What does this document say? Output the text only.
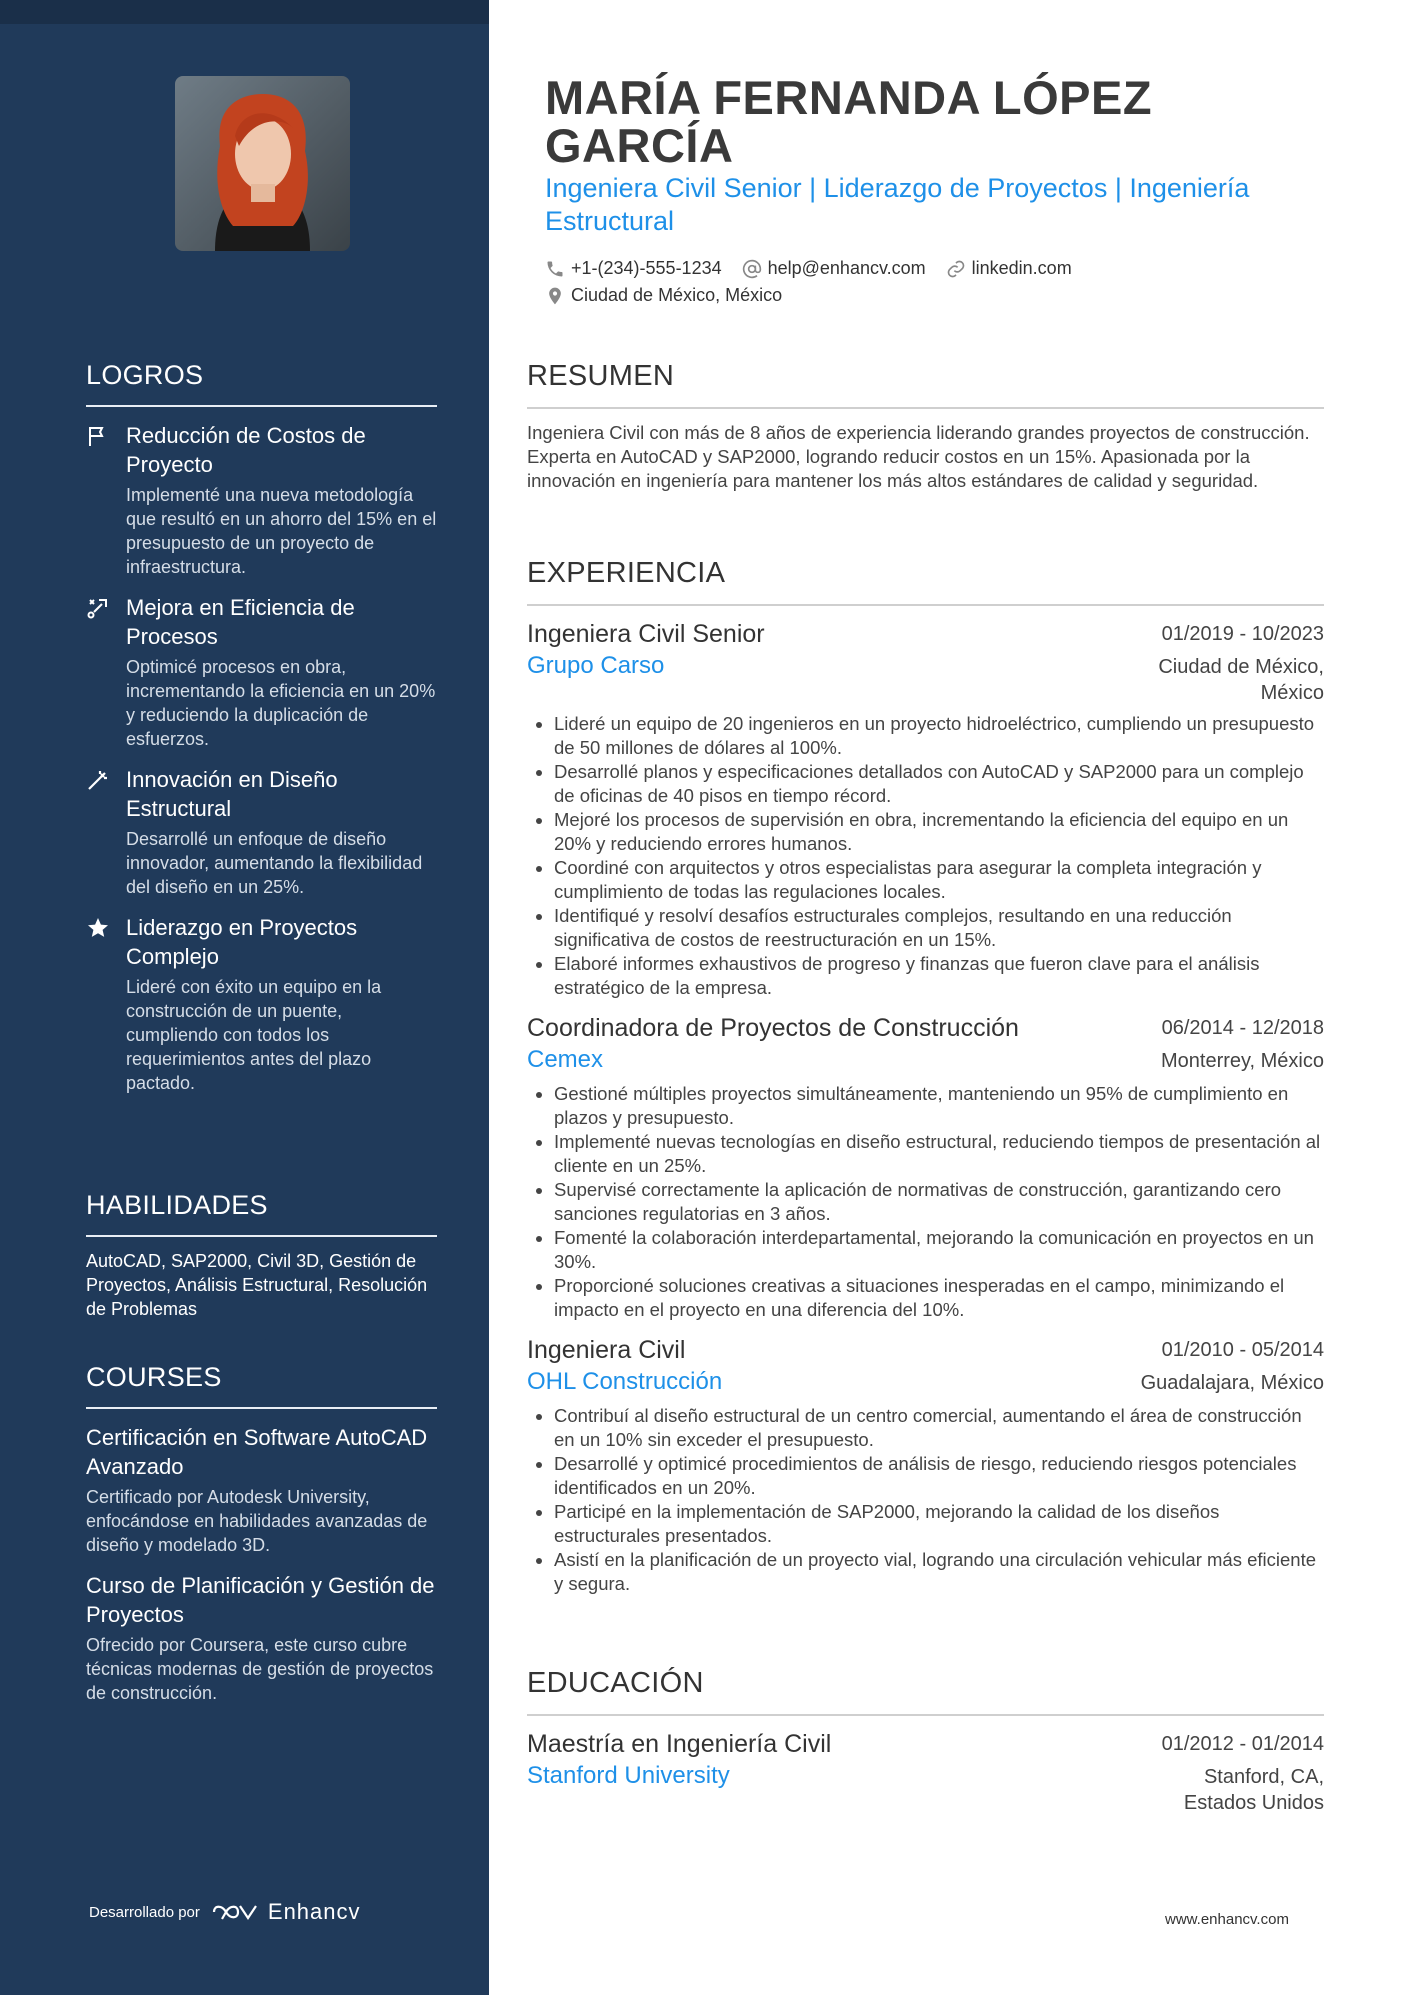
LOGROS
Reducción de Costos de Proyecto
Implementé una nueva metodología que resultó en un ahorro del 15% en el presupuesto de un proyecto de infraestructura.
Mejora en Eficiencia de Procesos
Optimicé procesos en obra, incrementando la eficiencia en un 20% y reduciendo la duplicación de esfuerzos.
Innovación en Diseño Estructural
Desarrollé un enfoque de diseño innovador, aumentando la flexibilidad del diseño en un 25%.
Liderazgo en Proyectos Complejo
Lideré con éxito un equipo en la construcción de un puente, cumpliendo con todos los requerimientos antes del plazo pactado.
HABILIDADES
AutoCAD, SAP2000, Civil 3D, Gestión de Proyectos, Análisis Estructural, Resolución de Problemas
COURSES
Certificación en Software AutoCAD Avanzado
Certificado por Autodesk University, enfocándose en habilidades avanzadas de diseño y modelado 3D.
Curso de Planificación y Gestión de Proyectos
Ofrecido por Coursera, este curso cubre técnicas modernas de gestión de proyectos de construcción.
Desarrollado por	Enhancv
MARÍA FERNANDA LÓPEZ GARCÍA
Ingeniera Civil Senior | Liderazgo de Proyectos | Ingeniería Estructural
+1-(234)-555-1234	help@enhancv.com	linkedin.com
Ciudad de México, México
RESUMEN
Ingeniera Civil con más de 8 años de experiencia liderando grandes proyectos de construcción. Experta en AutoCAD y SAP2000, logrando reducir costos en un 15%. Apasionada por la innovación en ingeniería para mantener los más altos estándares de calidad y seguridad.
EXPERIENCIA
Ingeniera Civil Senior	01/2019 - 10/2023
Grupo Carso	Ciudad de México, México
• Lideré un equipo de 20 ingenieros en un proyecto hidroeléctrico, cumpliendo un presupuesto de 50 millones de dólares al 100%.
• Desarrollé planos y especificaciones detallados con AutoCAD y SAP2000 para un complejo de oficinas de 40 pisos en tiempo récord.
• Mejoré los procesos de supervisión en obra, incrementando la eficiencia del equipo en un 20% y reduciendo errores humanos.
• Coordiné con arquitectos y otros especialistas para asegurar la completa integración y cumplimiento de todas las regulaciones locales.
• Identifiqué y resolví desafíos estructurales complejos, resultando en una reducción significativa de costos de reestructuración en un 15%.
• Elaboré informes exhaustivos de progreso y finanzas que fueron clave para el análisis estratégico de la empresa.
Coordinadora de Proyectos de Construcción	06/2014 - 12/2018
Cemex	Monterrey, México
• Gestioné múltiples proyectos simultáneamente, manteniendo un 95% de cumplimiento en plazos y presupuesto.
• Implementé nuevas tecnologías en diseño estructural, reduciendo tiempos de presentación al cliente en un 25%.
• Supervisé correctamente la aplicación de normativas de construcción, garantizando cero sanciones regulatorias en 3 años.
• Fomenté la colaboración interdepartamental, mejorando la comunicación en proyectos en un 30%.
• Proporcioné soluciones creativas a situaciones inesperadas en el campo, minimizando el impacto en el proyecto en una diferencia del 10%.
Ingeniera Civil	01/2010 - 05/2014
OHL Construcción	Guadalajara, México
• Contribuí al diseño estructural de un centro comercial, aumentando el área de construcción en un 10% sin exceder el presupuesto.
• Desarrollé y optimicé procedimientos de análisis de riesgo, reduciendo riesgos potenciales identificados en un 20%.
• Participé en la implementación de SAP2000, mejorando la calidad de los diseños estructurales presentados.
• Asistí en la planificación de un proyecto vial, logrando una circulación vehicular más eficiente y segura.
EDUCACIÓN
Maestría en Ingeniería Civil	01/2012 - 01/2014
Stanford University	Stanford, CA, Estados Unidos
www.enhancv.com
